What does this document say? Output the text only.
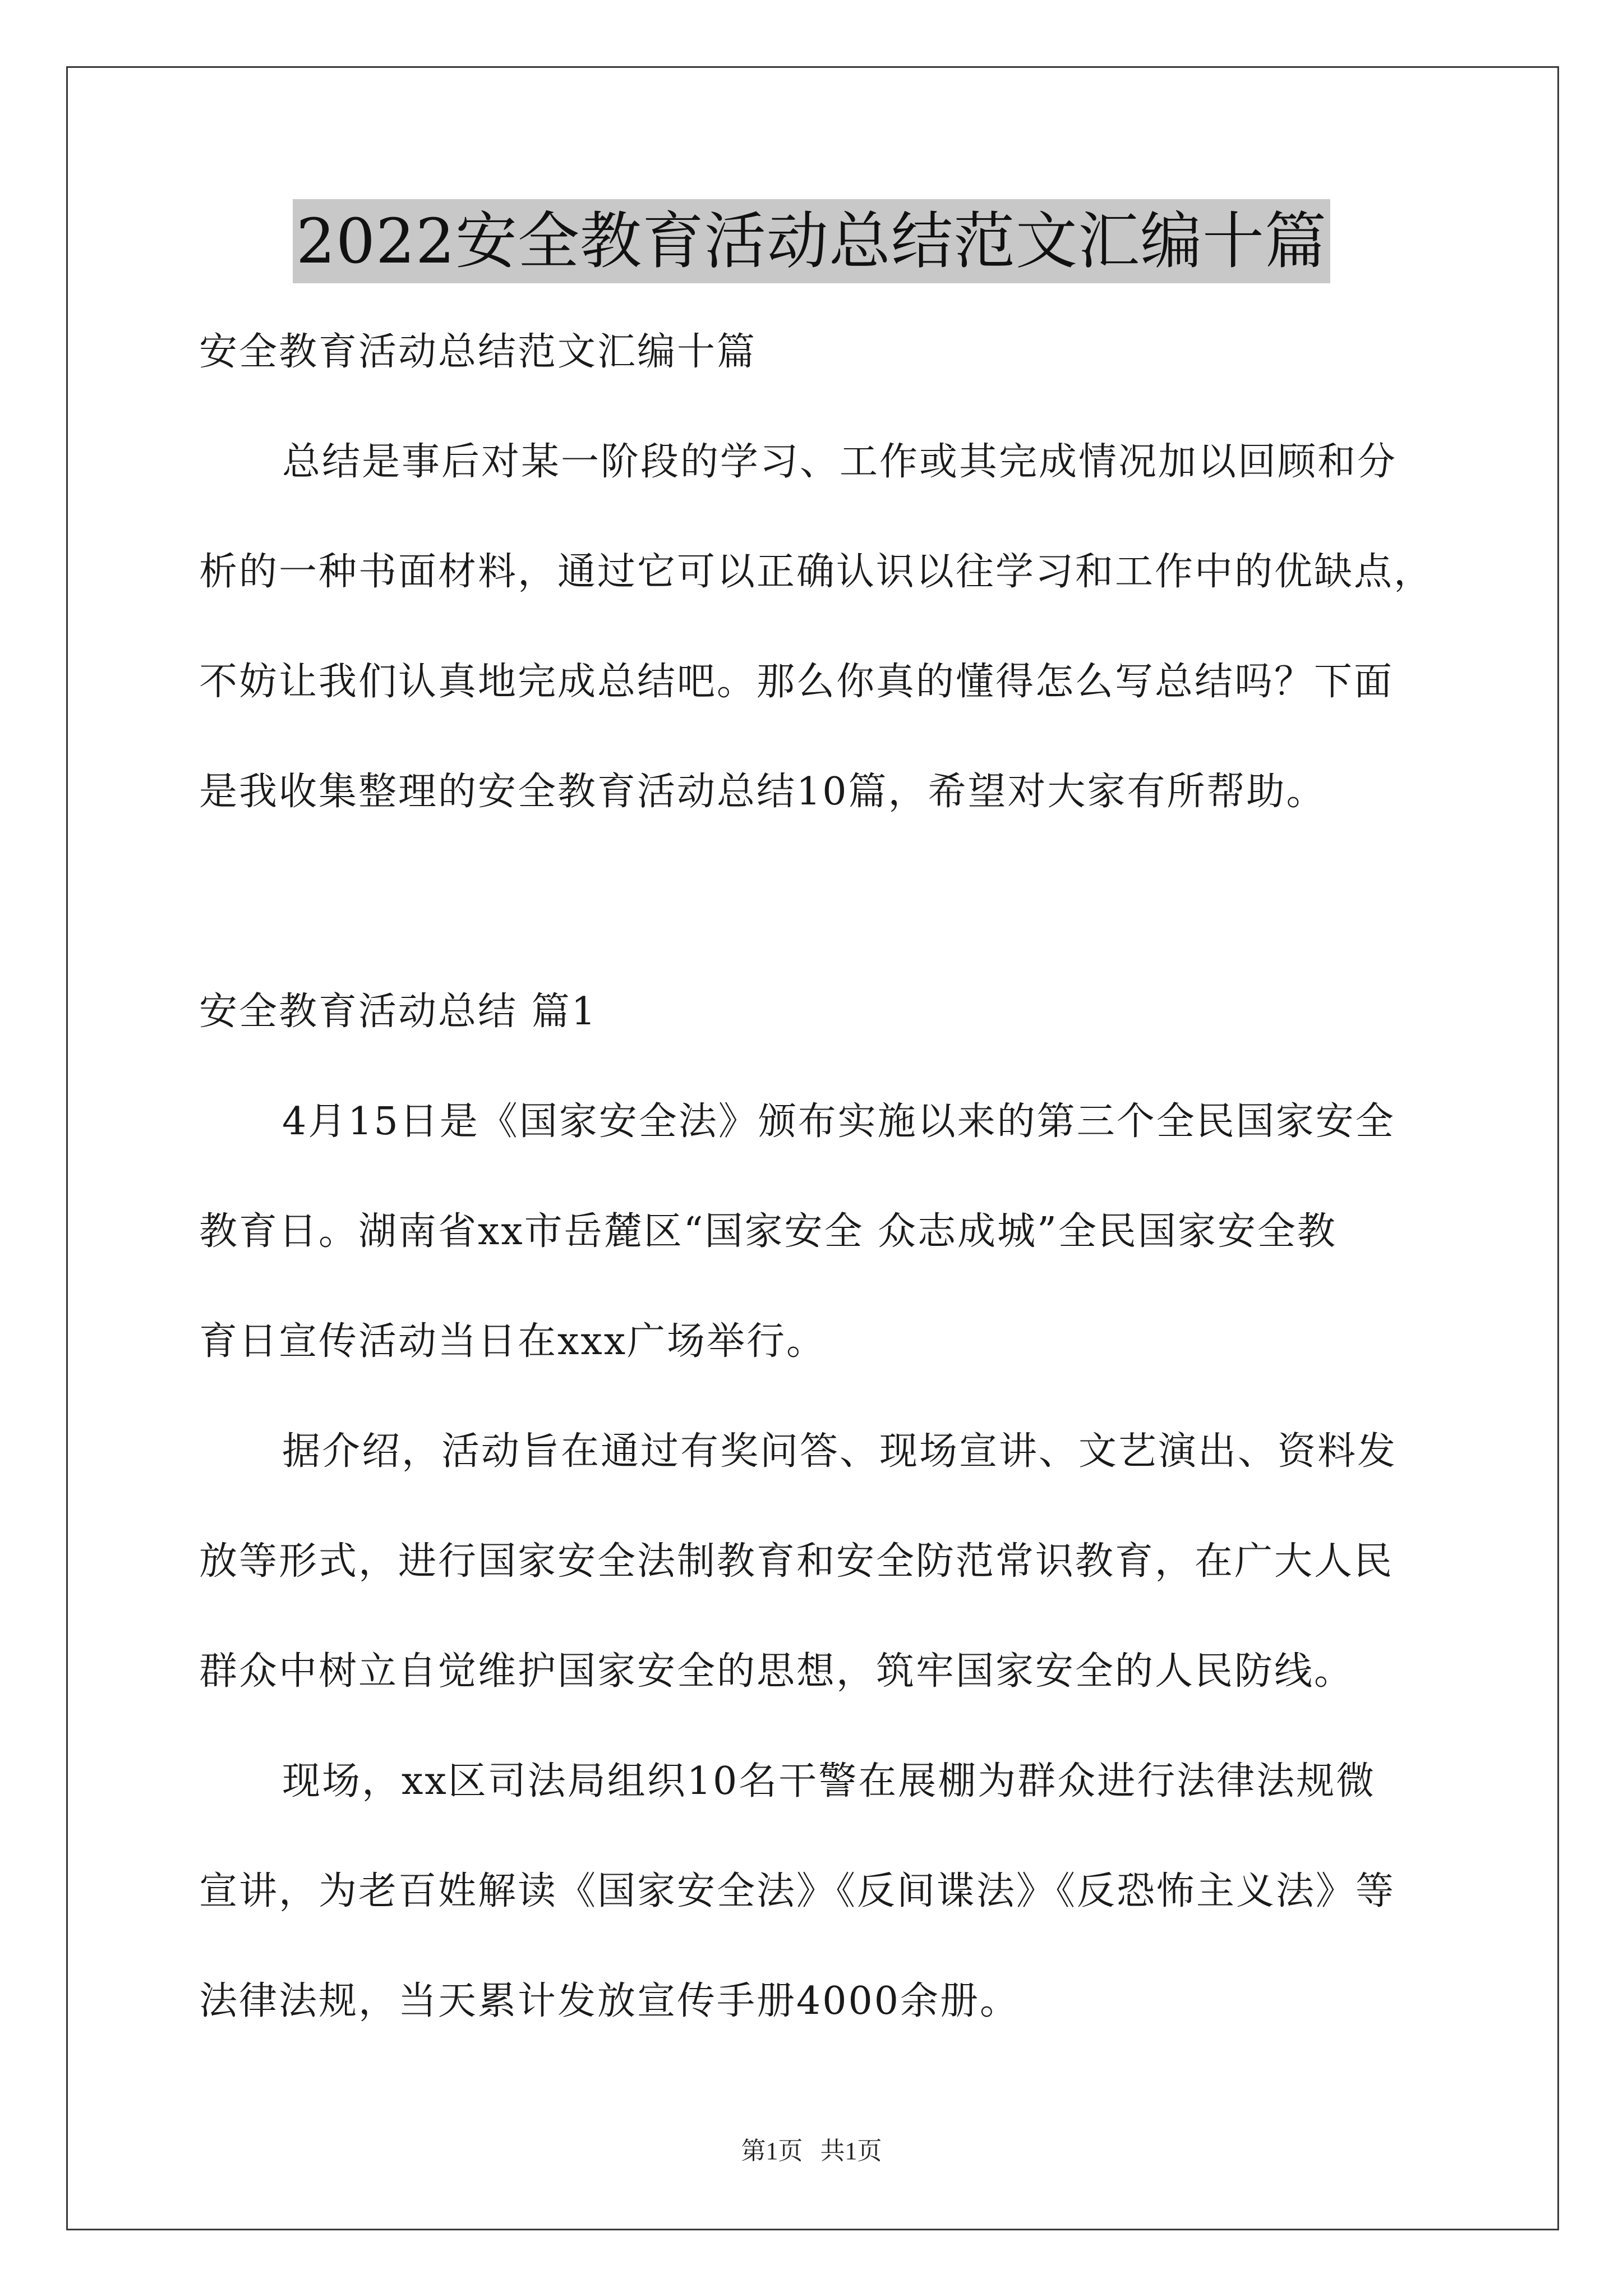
2022安全教育活动总结范文汇编十篇
安全教育活动总结范文汇编十篇
总结是事后对某一阶段的学习、工作或其完成情况加以回顾和分
析的一种书面材料，通过它可以正确认识以往学习和工作中的优缺点，
不妨让我们认真地完成总结吧。那么你真的懂得怎么写总结吗？下面
是我收集整理的安全教育活动总结10篇，希望对大家有所帮助。
安全教育活动总结 篇1
4月15日是《国家安全法》颁布实施以来的第三个全民国家安全
教育日。湖南省xx市岳麓区“国家安全 众志成城”全民国家安全教
育日宣传活动当日在xxx广场举行。
据介绍，活动旨在通过有奖问答、现场宣讲、文艺演出、资料发
放等形式，进行国家安全法制教育和安全防范常识教育，在广大人民
群众中树立自觉维护国家安全的思想，筑牢国家安全的人民防线。
现场，xx区司法局组织10名干警在展棚为群众进行法律法规微
宣讲，为老百姓解读《国家安全法》《反间谍法》《反恐怖主义法》等
法律法规，当天累计发放宣传手册4000余册。
第1页 共1页
